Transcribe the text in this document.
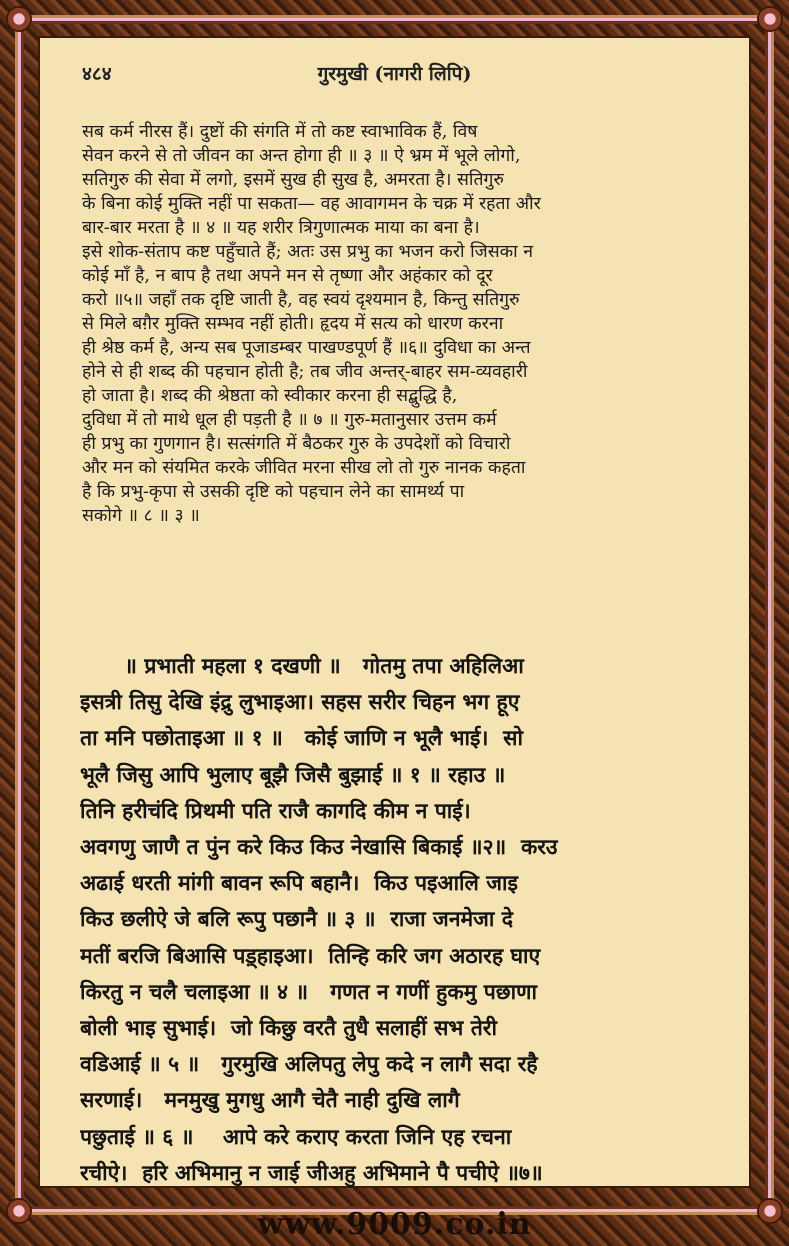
४८४	गुरमुखी (नागरी लिपि)
सब कर्म नीरस हैं। दुष्टों की संगति में तो कष्ट स्वाभाविक हैं, विष
सेवन करने से तो जीवन का अन्त होगा ही ॥ ३ ॥ ऐ भ्रम में भूले लोगो,
सतिगुरु की सेवा में लगो, इसमें सुख ही सुख है, अमरता है। सतिगुरु
के बिना कोई मुक्ति नहीं पा सकता— वह आवागमन के चक्र में रहता और
बार-बार मरता है ॥ ४ ॥ यह शरीर त्रिगुणात्मक माया का बना है।
इसे शोक-संताप कष्ट पहुँचाते हैं; अतः उस प्रभु का भजन करो जिसका न
कोई माँ है, न बाप है तथा अपने मन से तृष्णा और अहंकार को दूर
करो ॥५॥ जहाँ तक दृष्टि जाती है, वह स्वयं दृश्यमान है, किन्तु सतिगुरु
से मिले बग़ैर मुक्ति सम्भव नहीं होती। हृदय में सत्य को धारण करना
ही श्रेष्ठ कर्म है, अन्य सब पूजाडम्बर पाखण्डपूर्ण हैं ॥६॥ दुविधा का अन्त
होने से ही शब्द की पहचान होती है; तब जीव अन्तर्-बाहर सम-व्यवहारी
हो जाता है। शब्द की श्रेष्ठता को स्वीकार करना ही सद्बुद्धि है,
दुविधा में तो माथे धूल ही पड़ती है ॥ ७ ॥ गुरु-मतानुसार उत्तम कर्म
ही प्रभु का गुणगान है। सत्संगति में बैठकर गुरु के उपदेशों को विचारो
और मन को संयमित करके जीवित मरना सीख लो तो गुरु नानक कहता
है कि प्रभु-कृपा से उसकी दृष्टि को पहचान लेने का सामर्थ्य पा
सकोगे ॥ ८ ॥ ३ ॥
॥ प्रभाती महला १ दखणी ॥   गोतमु तपा अहिलिआ
इसत्री तिसु देखि इंद्रु लुभाइआ। सहस सरीर चिहन भग हूए
ता मनि पछोताइआ ॥ १ ॥   कोई जाणि न भूलै भाई।  सो
भूलै जिसु आपि भुलाए बूझै जिसै बुझाई ॥ १ ॥ रहाउ ॥
तिनि हरीचंदि प्रिथमी पति राजै कागदि कीम न पाई।
अवगणु जाणै त पुंन करे किउ किउ नेखासि बिकाई ॥२॥  करउ
अढाई धरती मांगी बावन रूपि बहानै।  किउ पइआलि जाइ
किउ छलीऐ जे बलि रूपु पछानै ॥ ३ ॥  राजा जनमेजा दे
मतीं बरजि बिआसि पड़्हाइआ।  तिन्हि करि जग अठारह घाए
किरतु न चलै चलाइआ ॥ ४ ॥   गणत न गणीं हुकमु पछाणा
बोली भाइ सुभाई।  जो किछु वरतै तुधै सलाहीं सभ तेरी
वडिआई ॥ ५ ॥   गुरमुखि अलिपतु लेपु कदे न लागै सदा रहै
सरणाई।   मनमुखु मुगधु आगै चेतै नाही दुखि लागै
पछुताई ॥ ६ ॥    आपे करे कराए करता जिनि एह रचना
रचीऐ।  हरि अभिमानु न जाई जीअहु अभिमाने पै पचीऐ ॥७॥
www.9009.co.in
